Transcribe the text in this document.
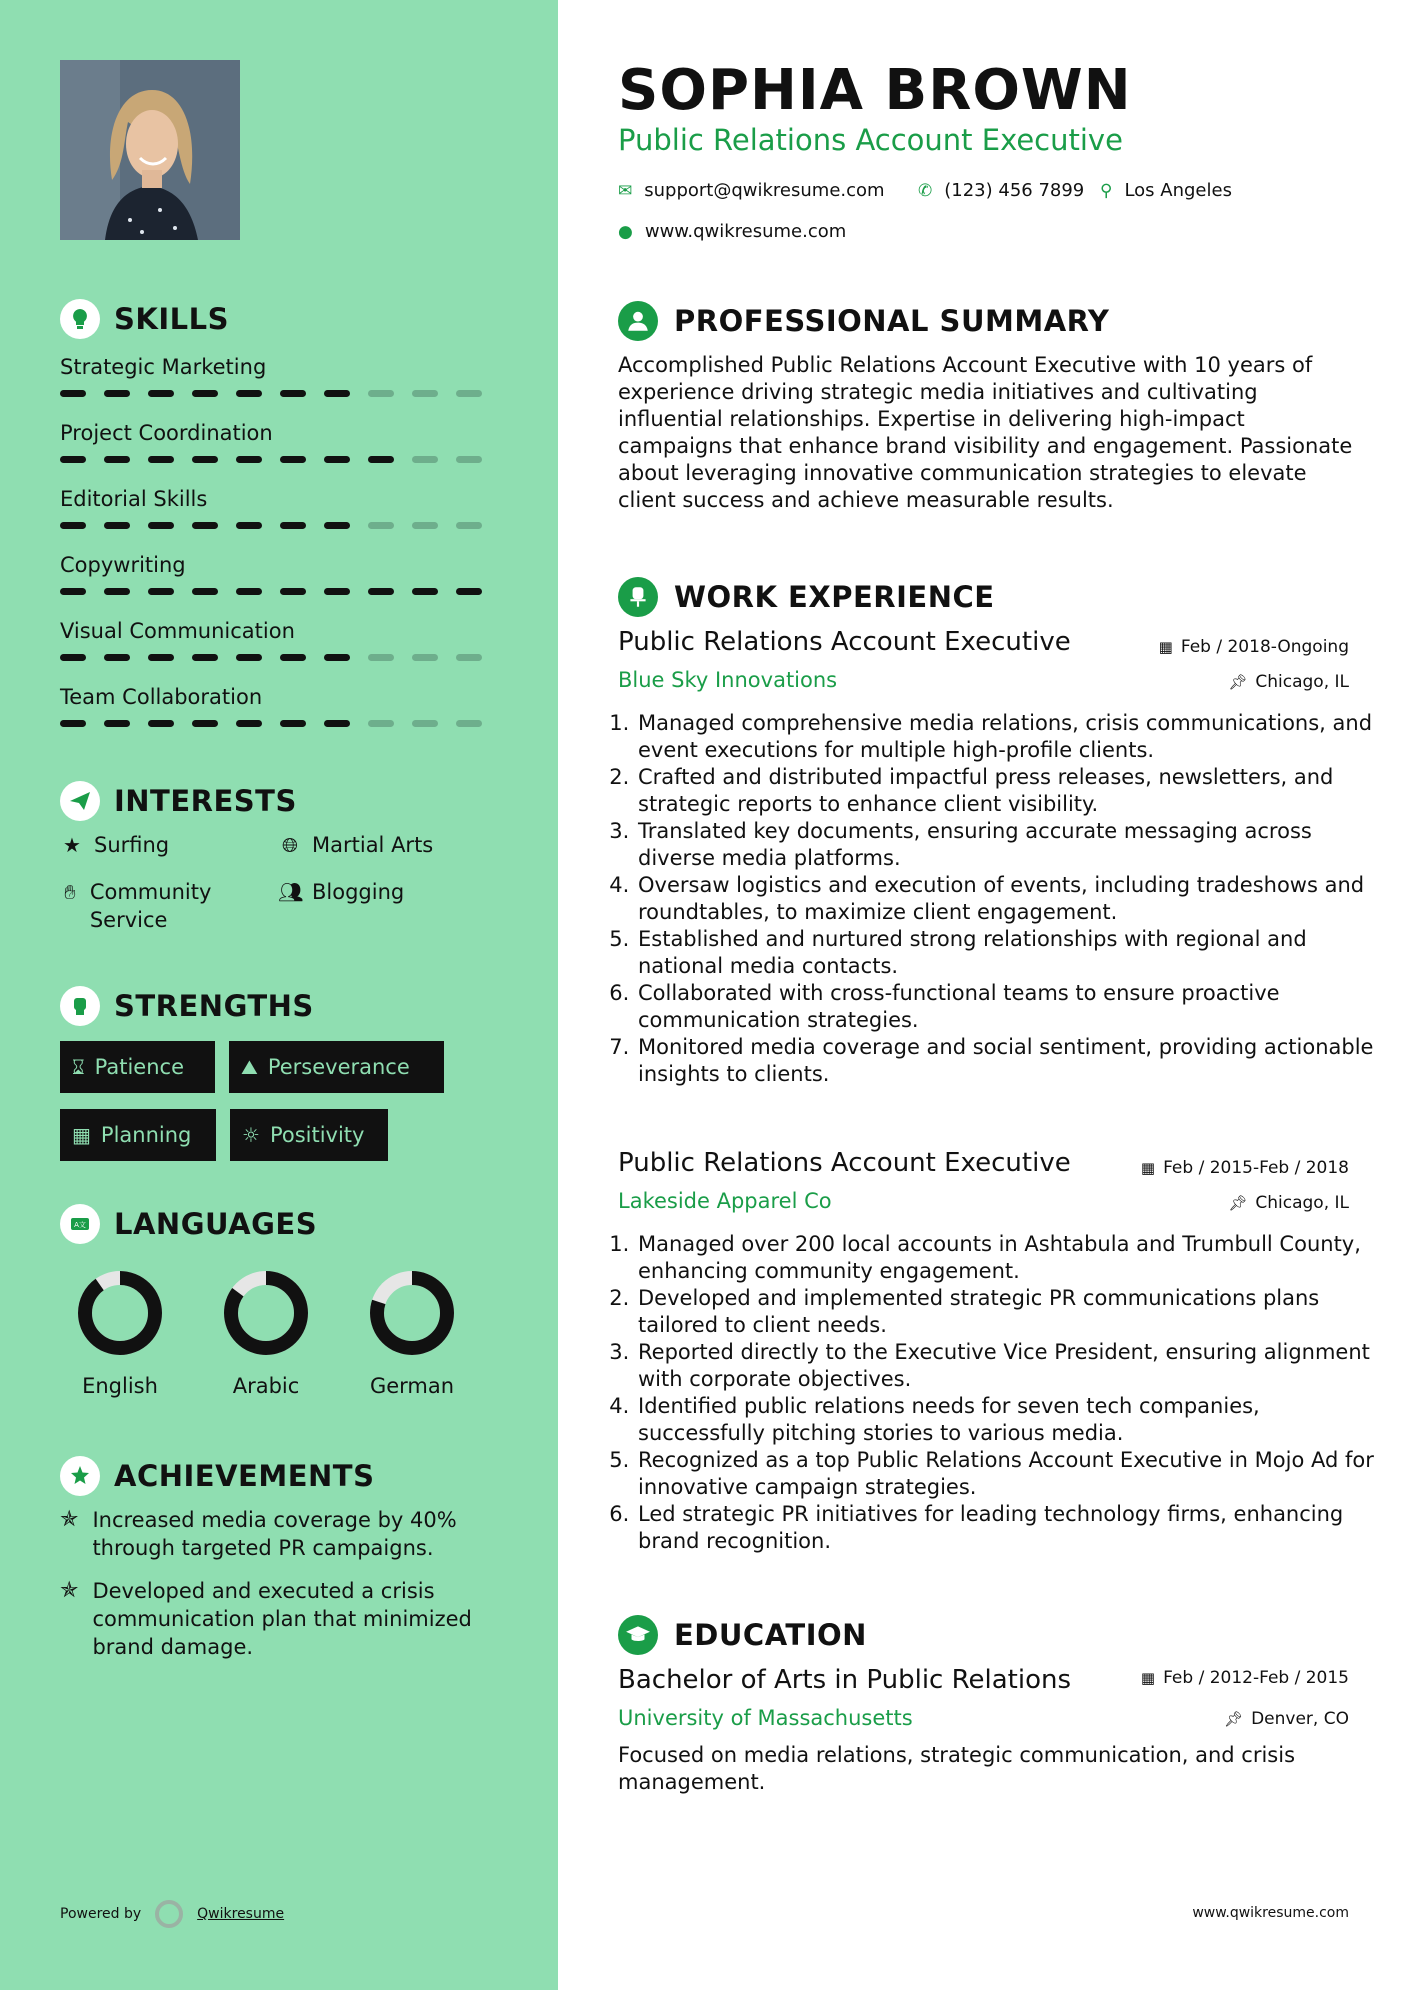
SKILLS
Strategic Marketing
Project Coordination
Editorial Skills
Copywriting
Visual Communication
Team Collaboration
INTERESTS
★ Surfing	🌐︎ Martial Arts
✋︎ Community Service
👥︎ Blogging
STRENGTHS
⌛︎ Patience	⛰︎ Perseverance
▦ Planning	☼ Positivity
A文 LANGUAGES
English	Arabic	German
ACHIEVEMENTS
✯ Increased media coverage by 40% through targeted PR campaigns.
✯ Developed and executed a crisis communication plan that minimized brand damage.
Powered by	Qwikresume
SOPHIA BROWN
Public Relations Account Executive
✉ support@qwikresume.com ✆ (123) 456 7899 ⚲ Los Angeles
● www.qwikresume.com
PROFESSIONAL SUMMARY
Accomplished Public Relations Account Executive with 10 years of experience driving strategic media initiatives and cultivating influential relationships. Expertise in delivering high-impact campaigns that enhance brand visibility and engagement. Passionate about leveraging innovative communication strategies to elevate client success and achieve measurable results.
WORK EXPERIENCE
Public Relations Account Executive	▦ Feb / 2018-Ongoing
Blue Sky Innovations	📌︎ Chicago, IL
1. Managed comprehensive media relations, crisis communications, and event executions for multiple high-profile clients.
2. Crafted and distributed impactful press releases, newsletters, and strategic reports to enhance client visibility.
3. Translated key documents, ensuring accurate messaging across diverse media platforms.
4. Oversaw logistics and execution of events, including tradeshows and roundtables, to maximize client engagement.
5. Established and nurtured strong relationships with regional and national media contacts.
6. Collaborated with cross-functional teams to ensure proactive communication strategies.
7. Monitored media coverage and social sentiment, providing actionable insights to clients.
Public Relations Account Executive	▦ Feb / 2015-Feb / 2018
Lakeside Apparel Co	📌︎ Chicago, IL
1. Managed over 200 local accounts in Ashtabula and Trumbull County, enhancing community engagement.
2. Developed and implemented strategic PR communications plans tailored to client needs.
3. Reported directly to the Executive Vice President, ensuring alignment with corporate objectives.
4. Identified public relations needs for seven tech companies, successfully pitching stories to various media.
5. Recognized as a top Public Relations Account Executive in Mojo Ad for innovative campaign strategies.
6. Led strategic PR initiatives for leading technology firms, enhancing brand recognition.
EDUCATION
Bachelor of Arts in Public Relations	▦ Feb / 2012-Feb / 2015
University of Massachusetts	📌︎ Denver, CO
Focused on media relations, strategic communication, and crisis management.
www.qwikresume.com
